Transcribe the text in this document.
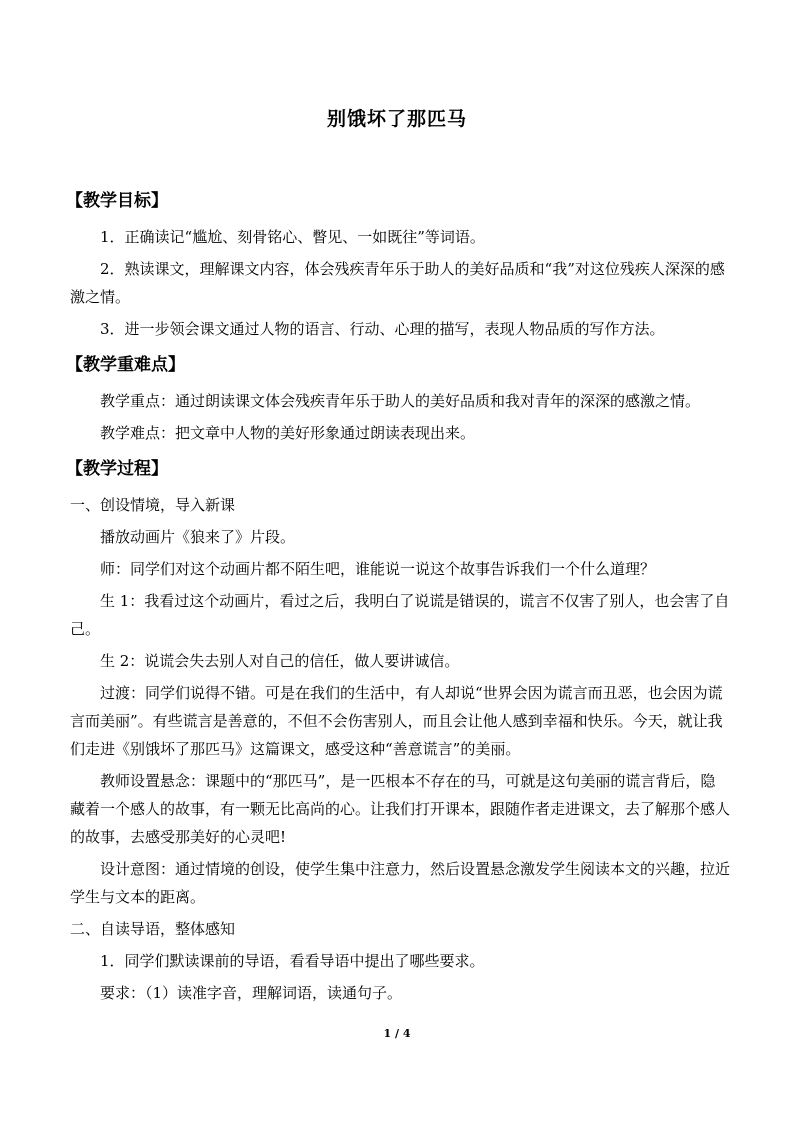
别饿坏了那匹马
【教学目标】

1．正确读记“尴尬、刻骨铭心、瞥见、一如既往”等词语。

2．熟读课文，理解课文内容，体会残疾青年乐于助人的美好品质和“我”对这位残疾人深深的感激之情。

3．进一步领会课文通过人物的语言、行动、心理的描写，表现人物品质的写作方法。

【教学重难点】

教学重点：通过朗读课文体会残疾青年乐于助人的美好品质和我对青年的深深的感激之情。

教学难点：把文章中人物的美好形象通过朗读表现出来。

【教学过程】

一、创设情境，导入新课

播放动画片《狼来了》片段。

师：同学们对这个动画片都不陌生吧，谁能说一说这个故事告诉我们一个什么道理？

生 1：我看过这个动画片，看过之后，我明白了说谎是错误的，谎言不仅害了别人，也会害了自己。

生 2：说谎会失去别人对自己的信任，做人要讲诚信。

过渡：同学们说得不错。可是在我们的生活中，有人却说“世界会因为谎言而丑恶，也会因为谎言而美丽”。有些谎言是善意的，不但不会伤害别人，而且会让他人感到幸福和快乐。今天，就让我们走进《别饿坏了那匹马》这篇课文，感受这种“善意谎言”的美丽。

教师设置悬念：课题中的“那匹马”，是一匹根本不存在的马，可就是这句美丽的谎言背后，隐藏着一个感人的故事，有一颗无比高尚的心。让我们打开课本，跟随作者走进课文，去了解那个感人的故事，去感受那美好的心灵吧!

设计意图：通过情境的创设，使学生集中注意力，然后设置悬念激发学生阅读本文的兴趣，拉近学生与文本的距离。

二、自读导语，整体感知

1．同学们默读课前的导语，看看导语中提出了哪些要求。

要求：（1）读准字音，理解词语，读通句子。

1 / 4
